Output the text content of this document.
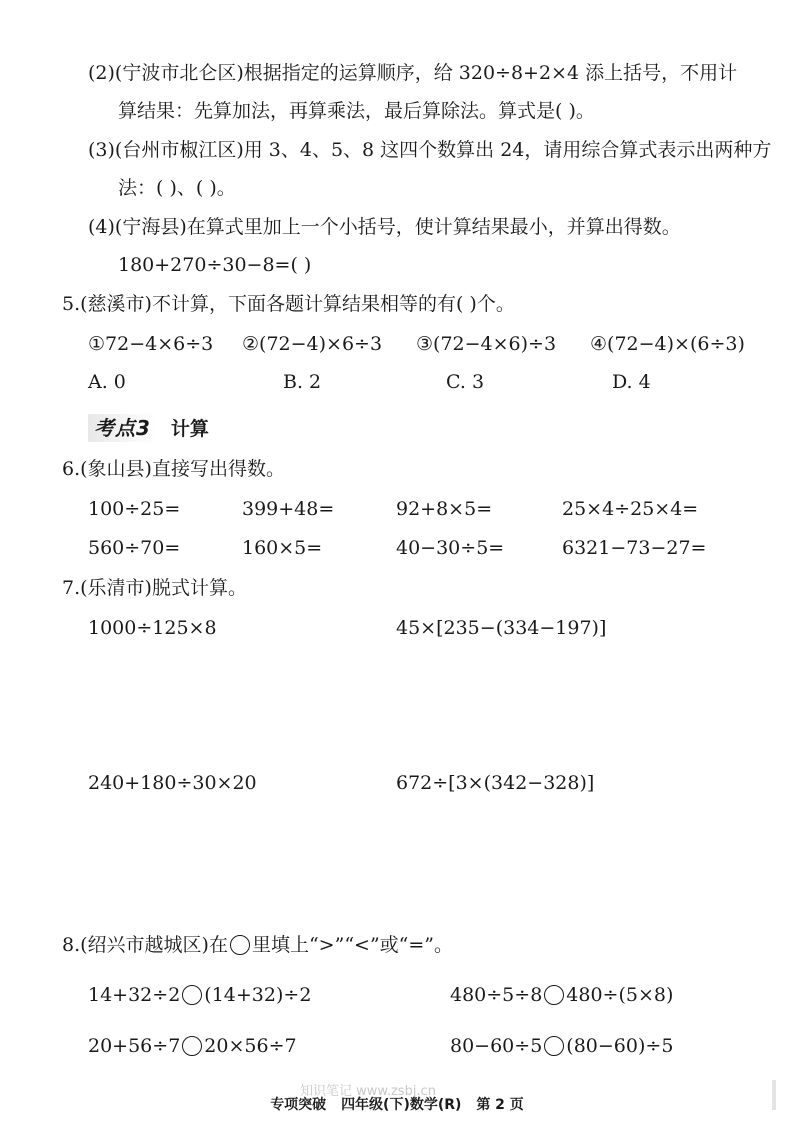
(2)(宁波市北仑区)根据指定的运算顺序，给 320÷8+2×4 添上括号，不用计
算结果：先算加法，再算乘法，最后算除法。算式是( )。
(3)(台州市椒江区)用 3、4、5、8 这四个数算出 24，请用综合算式表示出两种方
法：( )、( )。
(4)(宁海县)在算式里加上一个小括号，使计算结果最小，并算出得数。
180+270÷30−8=( )
5.(慈溪市)不计算，下面各题计算结果相等的有( )个。
①72−4×6÷3 ②(72−4)×6÷3 ③(72−4×6)÷3 ④(72−4)×(6÷3)
A. 0	B. 2	C. 3	D. 4
考点3 计算
6.(象山县)直接写出得数。
100÷25=	399+48=	92+8×5=	25×4÷25×4=
560÷70=	160×5=	40−30÷5=	6321−73−27=
7.(乐清市)脱式计算。
1000÷125×8	45×[235−(334−197)]
240+180÷30×20	672÷[3×(342−328)]
8.(绍兴市越城区)在 里填上“>”“<”或“=”。
14+32÷2 (14+32)÷2	480÷5÷8 480÷(5×8)
20+56÷7 20×56÷7	80−60÷5 (80−60)÷5
知识笔记 www.zsbj.cn
专项突破 四年级(下)数学(R) 第 2 页
